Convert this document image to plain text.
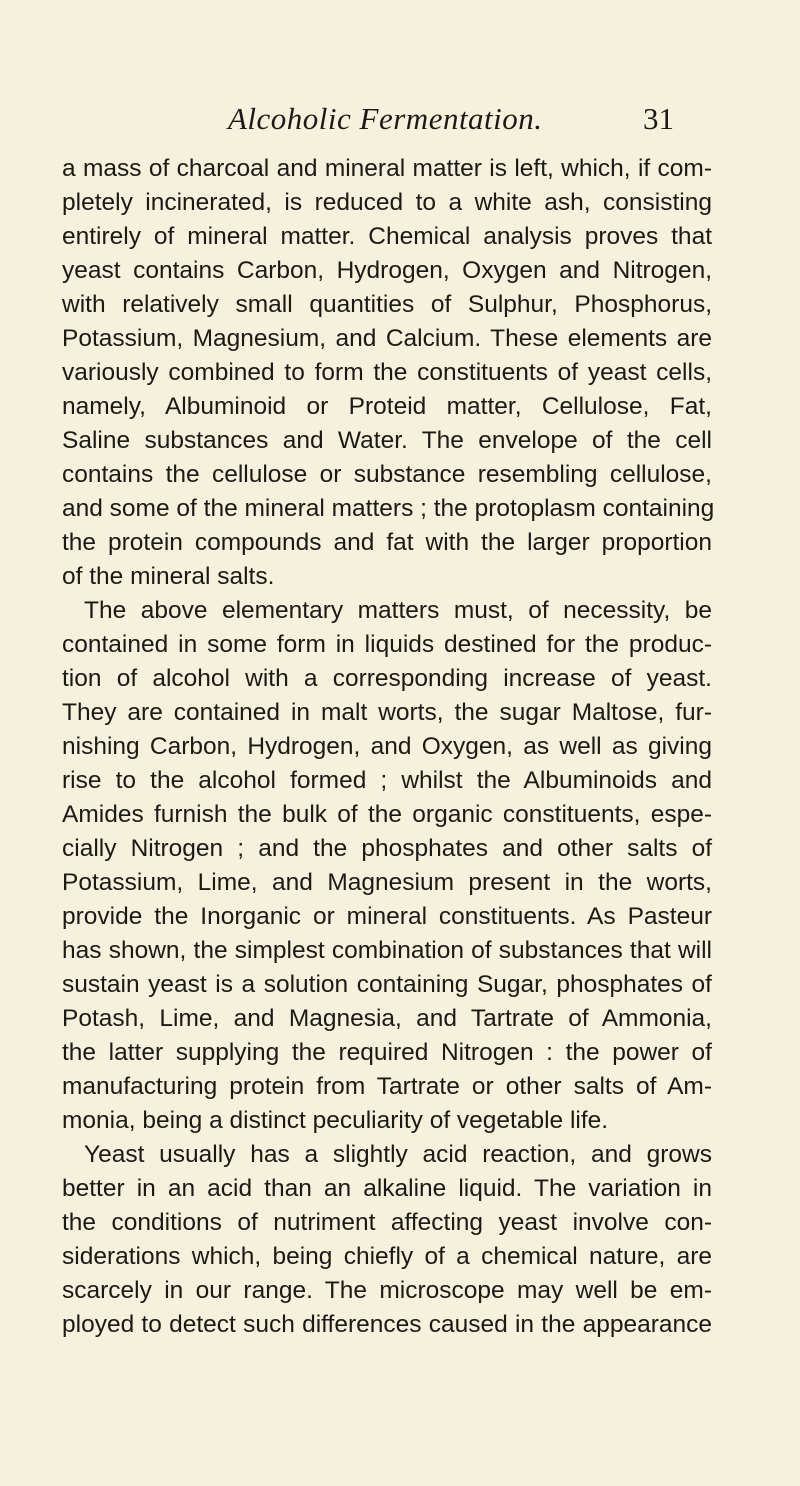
Alcoholic Fermentation.	31
a mass of charcoal and mineral matter is left, which, if com-
pletely incinerated, is reduced to a white ash, consisting
entirely of mineral matter. Chemical analysis proves that
yeast contains Carbon, Hydrogen, Oxygen and Nitrogen,
with relatively small quantities of Sulphur, Phosphorus,
Potassium, Magnesium, and Calcium. These elements are
variously combined to form the constituents of yeast cells,
namely, Albuminoid or Proteid matter, Cellulose, Fat,
Saline substances and Water. The envelope of the cell
contains the cellulose or substance resembling cellulose,
and some of the mineral matters ; the protoplasm containing
the protein compounds and fat with the larger proportion
of the mineral salts.
The above elementary matters must, of necessity, be
contained in some form in liquids destined for the produc-
tion of alcohol with a corresponding increase of yeast.
They are contained in malt worts, the sugar Maltose, fur-
nishing Carbon, Hydrogen, and Oxygen, as well as giving
rise to the alcohol formed ; whilst the Albuminoids and
Amides furnish the bulk of the organic constituents, espe-
cially Nitrogen ; and the phosphates and other salts of
Potassium, Lime, and Magnesium present in the worts,
provide the Inorganic or mineral constituents. As Pasteur
has shown, the simplest combination of substances that will
sustain yeast is a solution containing Sugar, phosphates of
Potash, Lime, and Magnesia, and Tartrate of Ammonia,
the latter supplying the required Nitrogen : the power of
manufacturing protein from Tartrate or other salts of Am-
monia, being a distinct peculiarity of vegetable life.
Yeast usually has a slightly acid reaction, and grows
better in an acid than an alkaline liquid. The variation in
the conditions of nutriment affecting yeast involve con-
siderations which, being chiefly of a chemical nature, are
scarcely in our range. The microscope may well be em-
ployed to detect such differences caused in the appearance
